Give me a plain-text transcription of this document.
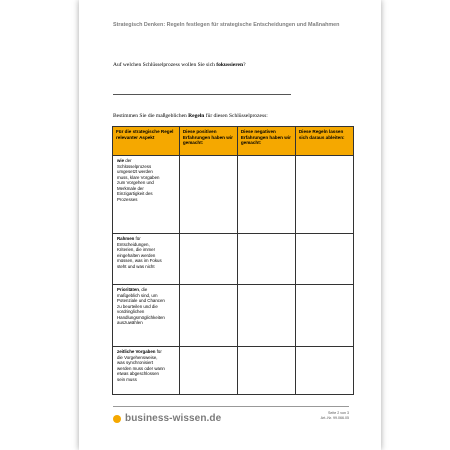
Strategisch Denken: Regeln festlegen für strategische Entscheidungen und Maßnahmen
Auf welchen Schlüsselprozess wollen Sie sich fokussieren?
Bestimmen Sie die maßgeblichen Regeln für diesen Schlüsselprozess:
Für die strategische Regel relevanter Aspekt	Diese positiven Erfahrungen haben wir gemacht:	Diese negativen Erfahrungen haben wir gemacht:	Diese Regeln lassen sich daraus ableiten:
wie der Schlüsselprozess umgesetzt werden muss, klare Vorgaben zum Vorgehen und Merkmale der Einzigartigkeit des Prozesses			
Rahmen für Entscheidungen, Kriterien, die immer eingehalten werden müssen, was im Fokus steht und was nicht			
Prioritäten, die maßgeblich sind, um Potenziale und Chancen zu beurteilen und die vordringlichen Handlungsmöglichkeiten auszuwählen			
zeitliche Vorgaben für die Vorgehensweise, was synchronisiert werden muss oder wann etwas abgeschlossen sein muss			
business-wissen.de	Seite 2 von 3
Art.-Nr. 99.066.05
